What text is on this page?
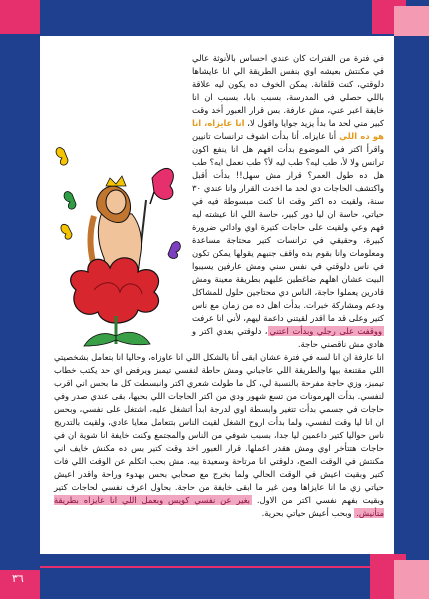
في فترة من الفترات كان عندي احساس بالأنوثة عالي في مكنتش بعيشه اوي بنفس الطريقة الي انا عايشاها دلوقتي، كنت قلقانة. يمكن الخوف ده يكون ليه علاقة باللي حصلي في المدرسة، بسبب بابا، بسبب ان انا خايفة اعبر عني، مش عارفة. بس قرار العبور أخد وقت كبير مني لحد ما بدأ يزيد جوايا واقول لا، انا عايزاه، انا هو ده اللي أنا عايزاه. أنا بدأت اشوف ترانسات تانيين واقرأ اكتر في الموضوع بدأت افهم هل انا ينفع اكون ترانس ولا لأ، طب ليه؟ طب ليه لأ؟ طب نعمل ايه؟ طب هل ده طول العمر؟ قرار مش سهل!! بدأت أقبل واكتشف الحاجات دي لحد ما اخدت القرار وانا عندي ٣٠ سنة، ولقيت ده اكتر وقت انا كنت مبسوطة فيه في حياتي، حاسة ان ليا دور كبير، حاسة اللي انا عيشته ليه فهم وعي ولقيت على حاجات كتيرة اوي وادائي ضرورة كبيرة، وحقيقي في ترانسات كتير محتاجة مساعدة ومعلومات وانا بقوم بده واقف جنبهم يقولها يمكن تكون في ناس دلوقتي في نفس سني ومش عارفين يسيبوا البيت عشان اهلهم ضاغطين عليهم بطريقة معينة ومش قادرين يعملوا حاجة، الناس دي محتاجين حلول للمشاكل ودعم ومشاركة خبرات. بدأت اهل ده من زمان مع ناس كتير وعلى قد ما اقدر لقيتني داعمة ليهم، لأني انا عرفت ووقفت على رجلي وبدأت اعتني، دلوقتي بعدي اكتر و هادي مش ناقصني حاجة.

انا عارفة ان انا لسه في فترة عشان ابقى أنا بالشكل اللي انا عاوزاه، وحاليا انا بتعامل بشخصيتي اللي مقتنعة بيها والطريقة اللي عاجباني ومش حاطة لنفسي تيمبز ويرفض اي حد يكتب خطاب تيمبز، وزي حاجة مفرحة بالنسبة لي، كل ما طولت شعري اكتر وانبسطت كل ما بحس اني اقرب لنفسي. بدأت الهرمونات من تسع شهور ودي من اكتر الحاجات اللي بحبها، بقى عندي صدر وفي حاجات في جسمي بدأت تتغير وابسطة اوي لدرجة ابدأ اتشغل عليه، اشتغل على نفسي، وبحس ان انا ليا وقت لنفسي، ولما بدأت اروح الشغل لقيت الناس بتتعامل معايا عادي، ولقيت بالتدريج ناس حواليا كتير داعمين ليا جدا، بسبب شوفي من الناس والمجتمع وكنت خايفة انا شوية ان في حاجات هتتأخر اوي ومش هقدر اعملها. قرار العبور اخد وقت كتير بس ده مكنش خايف اني مكنتش في الوقت الصح، دلوقتي انا مرتاحة وسعيدة بيه. مش بحب اتكلم عن الوقت اللي فات كتير وبقيت اعيش في الوقت الحالي ولما بخرج مع صحابي بحس بهدوء وراحة واقدر اعيش حياتي زي ما انا عايزاها ومن غير ما ابقى خايفة من حاجة. بحاول اعرف نفسي لحاجات كتير وبقيت بفهم نفسي اكتر من الاول. بغير عن نفسي كويس وبعمل اللي انا عايزاه بطريقة متأنيش. وبحب أعيش حياتي بحرية.

٣٦
